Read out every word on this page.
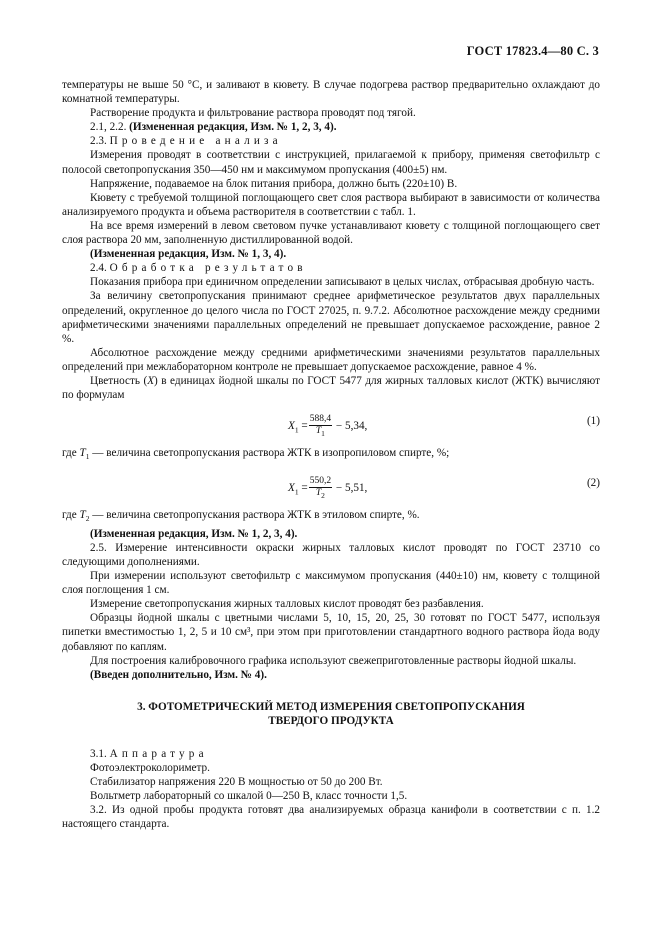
ГОСТ 17823.4—80 С. 3

температуры не выше 50 °С, и заливают в кювету. В случае подогрева раствор предварительно охлаждают до комнатной температуры.

Растворение продукта и фильтрование раствора проводят под тягой.

2.1, 2.2. (Измененная редакция, Изм. № 1, 2, 3, 4).

2.3. Проведение анализа

Измерения проводят в соответствии с инструкцией, прилагаемой к прибору, применяя светофильтр с полосой светопропускания 350—450 нм и максимумом пропускания (400±5) нм.

Напряжение, подаваемое на блок питания прибора, должно быть (220±10) В.

Кювету с требуемой толщиной поглощающего свет слоя раствора выбирают в зависимости от количества анализируемого продукта и объема растворителя в соответствии с табл. 1.

На все время измерений в левом световом пучке устанавливают кювету с толщиной поглощающего свет слоя раствора 20 мм, заполненную дистиллированной водой.

(Измененная редакция, Изм. № 1, 3, 4).

2.4. Обработка результатов

Показания прибора при единичном определении записывают в целых числах, отбрасывая дробную часть.

За величину светопропускания принимают среднее арифметическое результатов двух параллельных определений, округленное до целого числа по ГОСТ 27025, п. 9.7.2. Абсолютное расхождение между средними арифметическими значениями параллельных определений не превышает допускаемое расхождение, равное 2 %.

Абсолютное расхождение между средними арифметическими значениями результатов параллельных определений при межлабораторном контроле не превышает допускаемое расхождение, равное 4 %.

Цветность (X) в единицах йодной шкалы по ГОСТ 5477 для жирных талловых кислот (ЖТК) вычисляют по формулам

$X_1 = \frac{588,4}{T_1} - 5,34$,	(1)

где $T_1$ — величина светопропускания раствора ЖТК в изопропиловом спирте, %;

$X_1 = \frac{550,2}{T_2} - 5,51$,	(2)

где $T_2$ — величина светопропускания раствора ЖТК в этиловом спирте, %.

(Измененная редакция, Изм. № 1, 2, 3, 4).

2.5. Измерение интенсивности окраски жирных талловых кислот проводят по ГОСТ 23710 со следующими дополнениями.

При измерении используют светофильтр с максимумом пропускания (440±10) нм, кювету с толщиной слоя поглощения 1 см.

Измерение светопропускания жирных талловых кислот проводят без разбавления.

Образцы йодной шкалы с цветными числами 5, 10, 15, 20, 25, 30 готовят по ГОСТ 5477, используя пипетки вместимостью 1, 2, 5 и 10 см³, при этом при приготовлении стандартного водного раствора йода воду добавляют по каплям.

Для построения калибровочного графика используют свежеприготовленные растворы йодной шкалы.

(Введен дополнительно, Изм. № 4).

3. ФОТОМЕТРИЧЕСКИЙ МЕТОД ИЗМЕРЕНИЯ СВЕТОПРОПУСКАНИЯ
ТВЕРДОГО ПРОДУКТА

3.1. Аппаратура

Фотоэлектроколориметр.

Стабилизатор напряжения 220 В мощностью от 50 до 200 Вт.

Вольтметр лабораторный со шкалой 0—250 В, класс точности 1,5.

3.2. Из одной пробы продукта готовят два анализируемых образца канифоли в соответствии с п. 1.2 настоящего стандарта.
